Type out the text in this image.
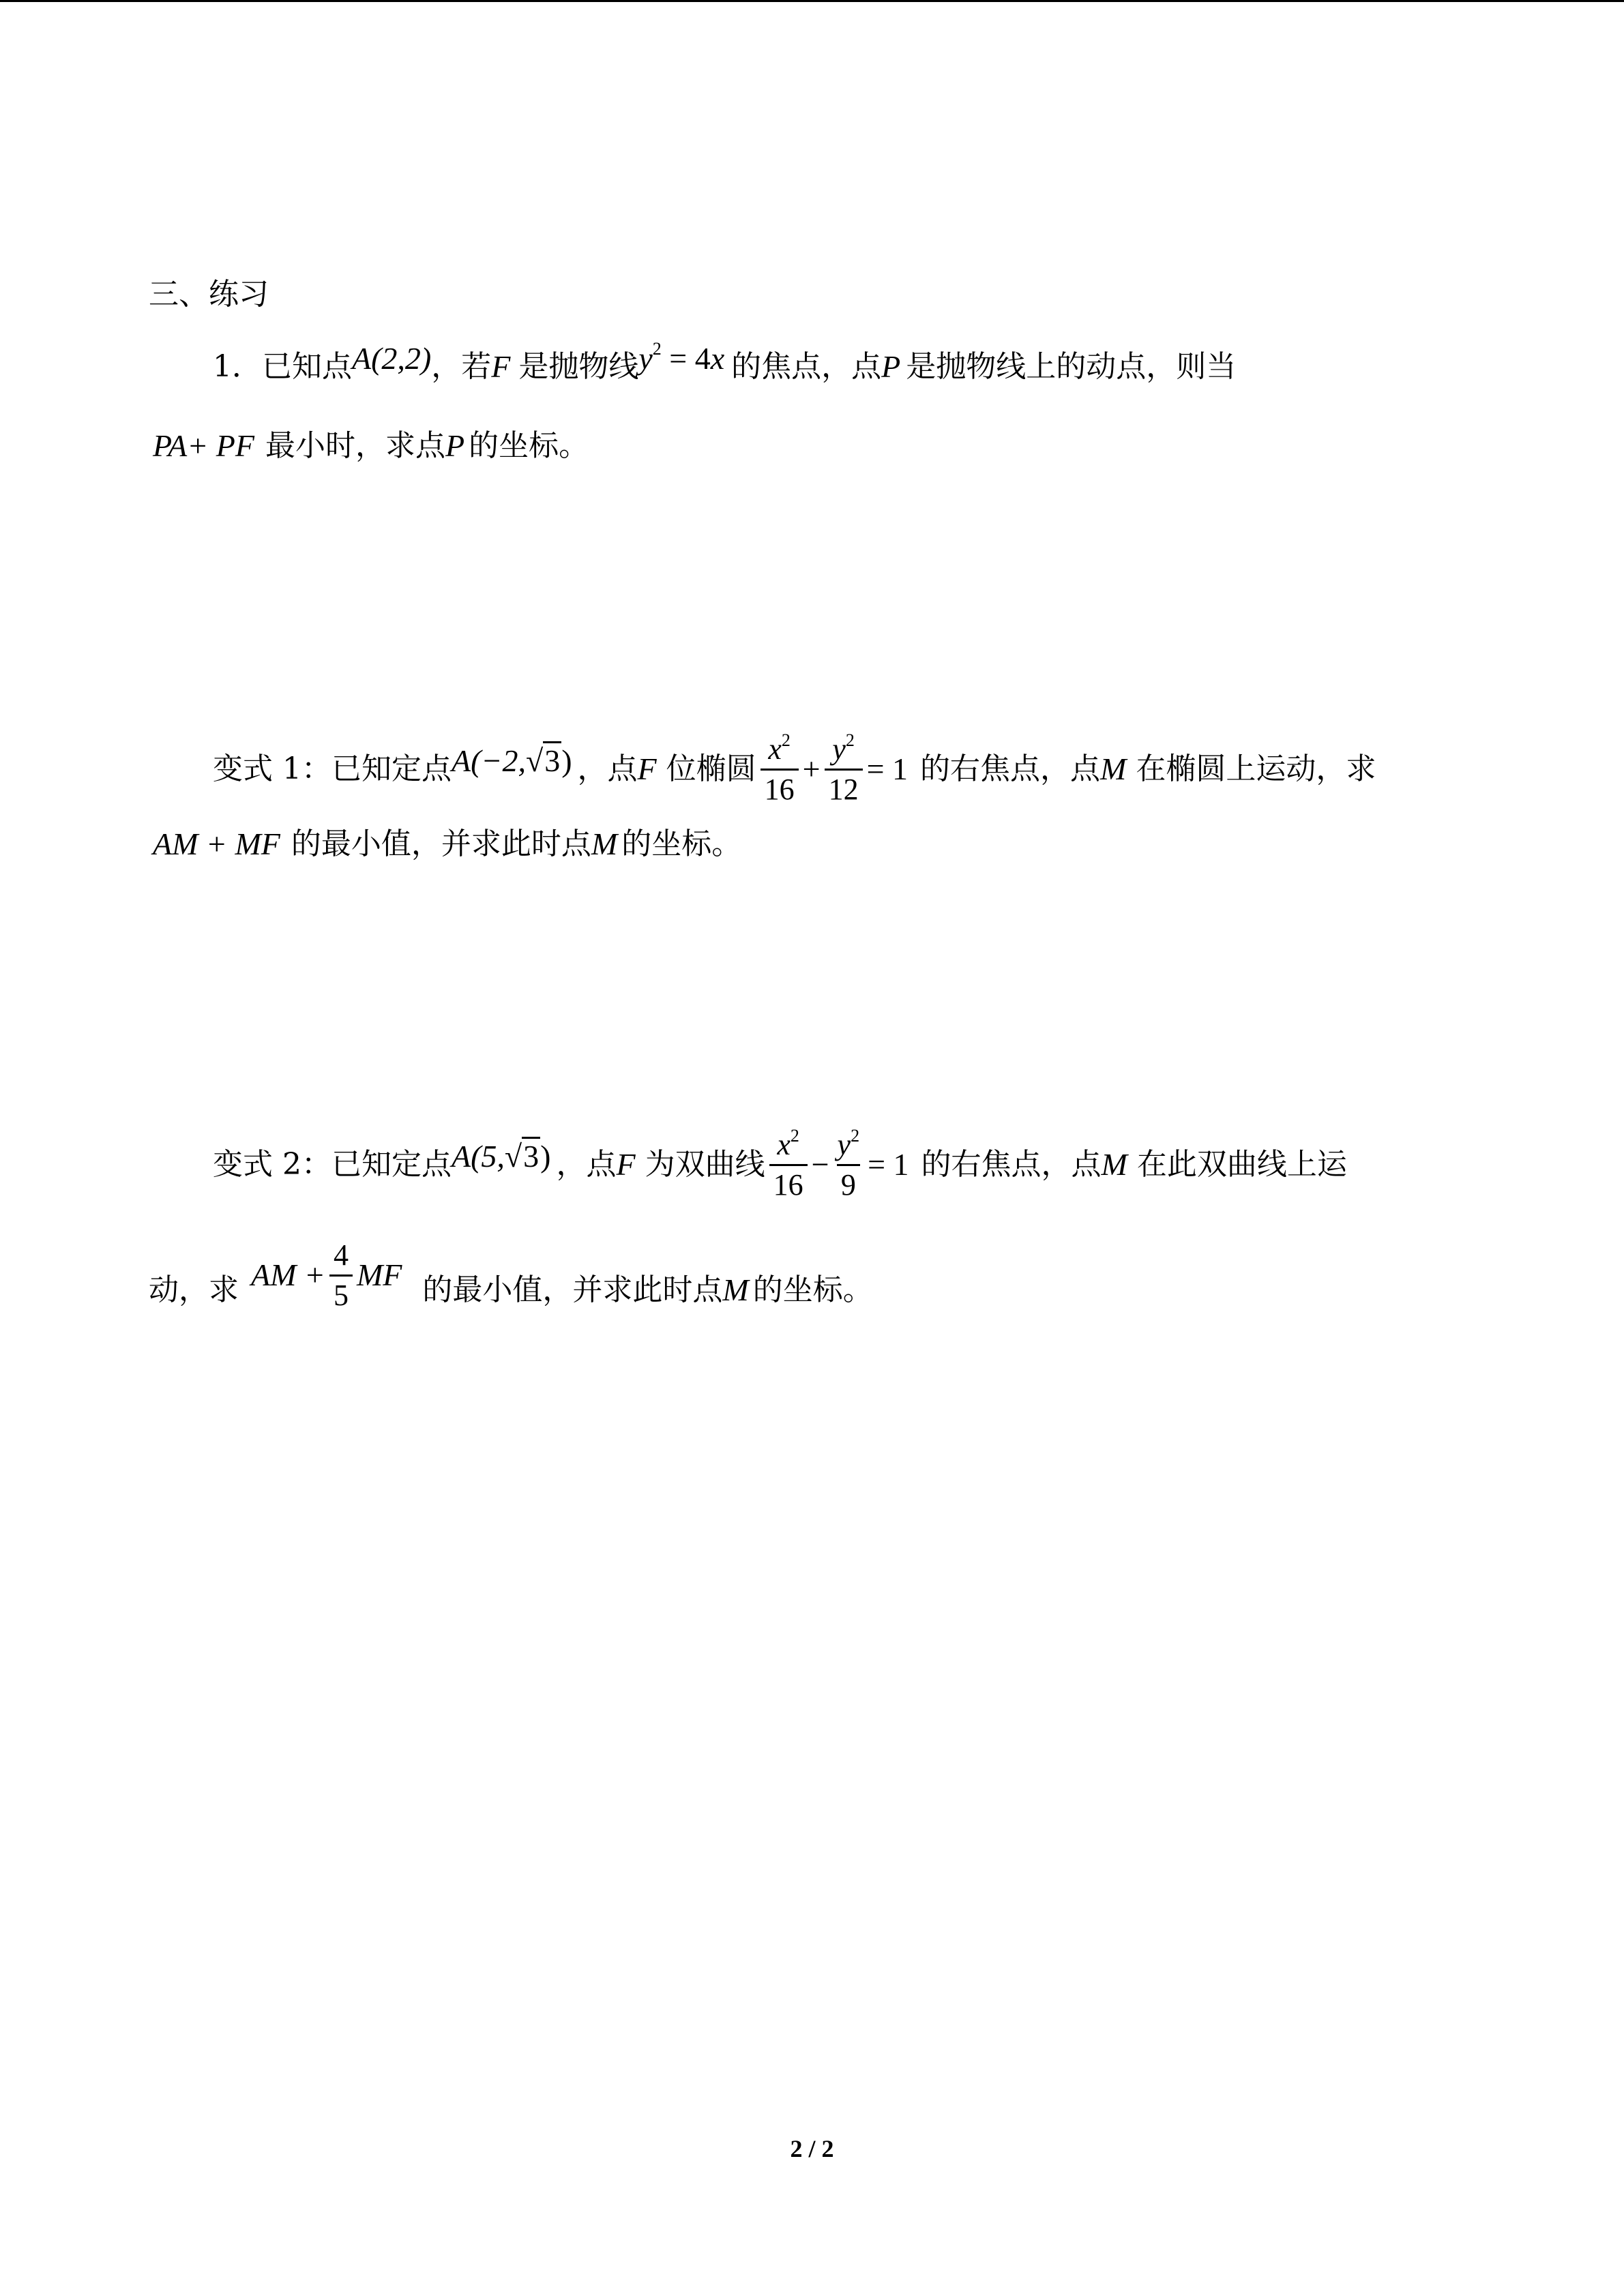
三、练习
1．已知点 A(2,2) ，若 F 是抛物线 $y^2 = 4x$ 的焦点，点 P 是抛物线上的动点，则当
PA+ PF 最小时，求点 P 的坐标。
变式 1：已知定点 A(−2,√3) ，点 F 位椭圆 $\frac{x^2}{16} + \frac{y^2}{12} = 1$ 的右焦点，点 M 在椭圆上运动，求
AM + MF 的最小值，并求此时点 M 的坐标。
变式 2：已知定点 A(5,√3) ，点 F 为双曲线 $\frac{x^2}{16} - \frac{y^2}{9} = 1$ 的右焦点，点 M 在此双曲线上运
动，求 AM + $\frac{4}{5}$ MF 的最小值，并求此时点 M 的坐标。
2 / 2
